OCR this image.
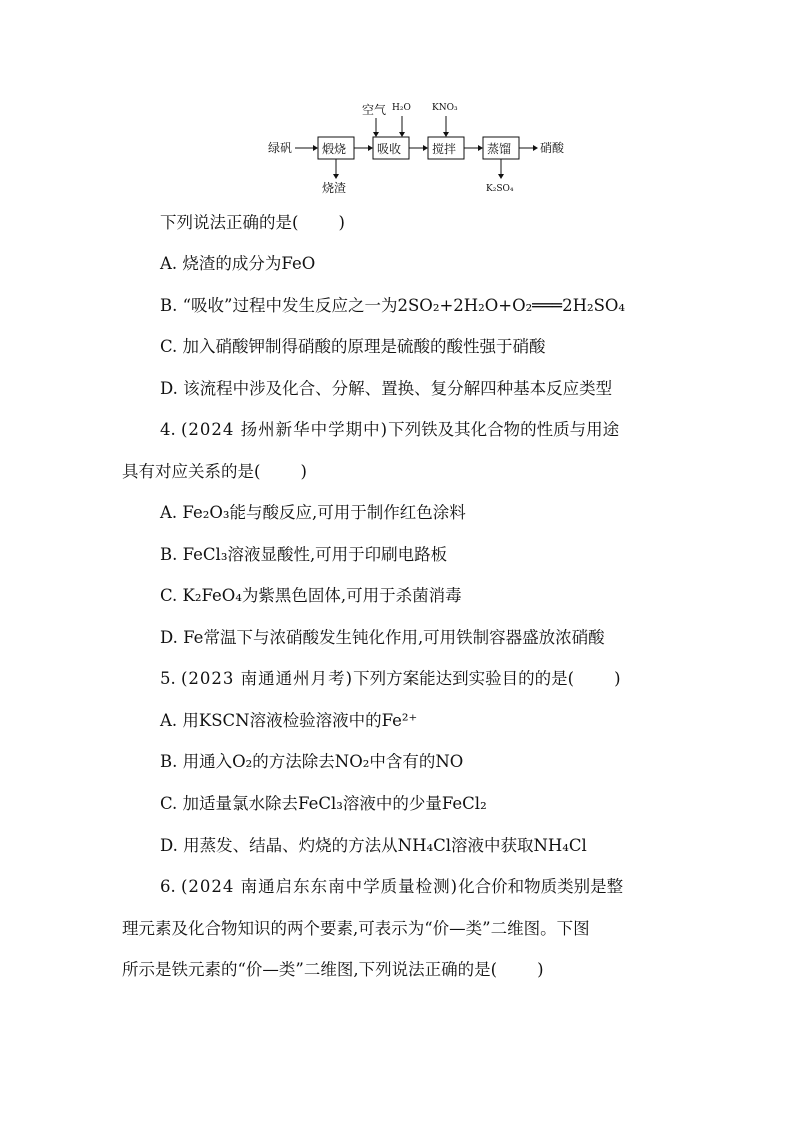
绿矾 煅烧
烧渣
吸收
空气 H₂O
搅拌
KNO₃
蒸馏 硝酸
K₂SO₄
下列说法正确的是( )
A. 烧渣的成分为FeO
B. “吸收”过程中发生反应之一为2SO₂+2H₂O+O₂═══2H₂SO₄
C. 加入硝酸钾制得硝酸的原理是硫酸的酸性强于硝酸
D. 该流程中涉及化合、分解、置换、复分解四种基本反应类型
4. (2024 扬州新华中学期中)下列铁及其化合物的性质与用途
具有对应关系的是( )
A. Fe₂O₃能与酸反应,可用于制作红色涂料
B. FeCl₃溶液显酸性,可用于印刷电路板
C. K₂FeO₄为紫黑色固体,可用于杀菌消毒
D. Fe常温下与浓硝酸发生钝化作用,可用铁制容器盛放浓硝酸
5. (2023 南通通州月考)下列方案能达到实验目的的是( )
A. 用KSCN溶液检验溶液中的Fe²⁺
B. 用通入O₂的方法除去NO₂中含有的NO
C. 加适量氯水除去FeCl₃溶液中的少量FeCl₂
D. 用蒸发、结晶、灼烧的方法从NH₄Cl溶液中获取NH₄Cl
6. (2024 南通启东东南中学质量检测)化合价和物质类别是整
理元素及化合物知识的两个要素,可表示为“价—类”二维图。下图
所示是铁元素的“价—类”二维图,下列说法正确的是( )
